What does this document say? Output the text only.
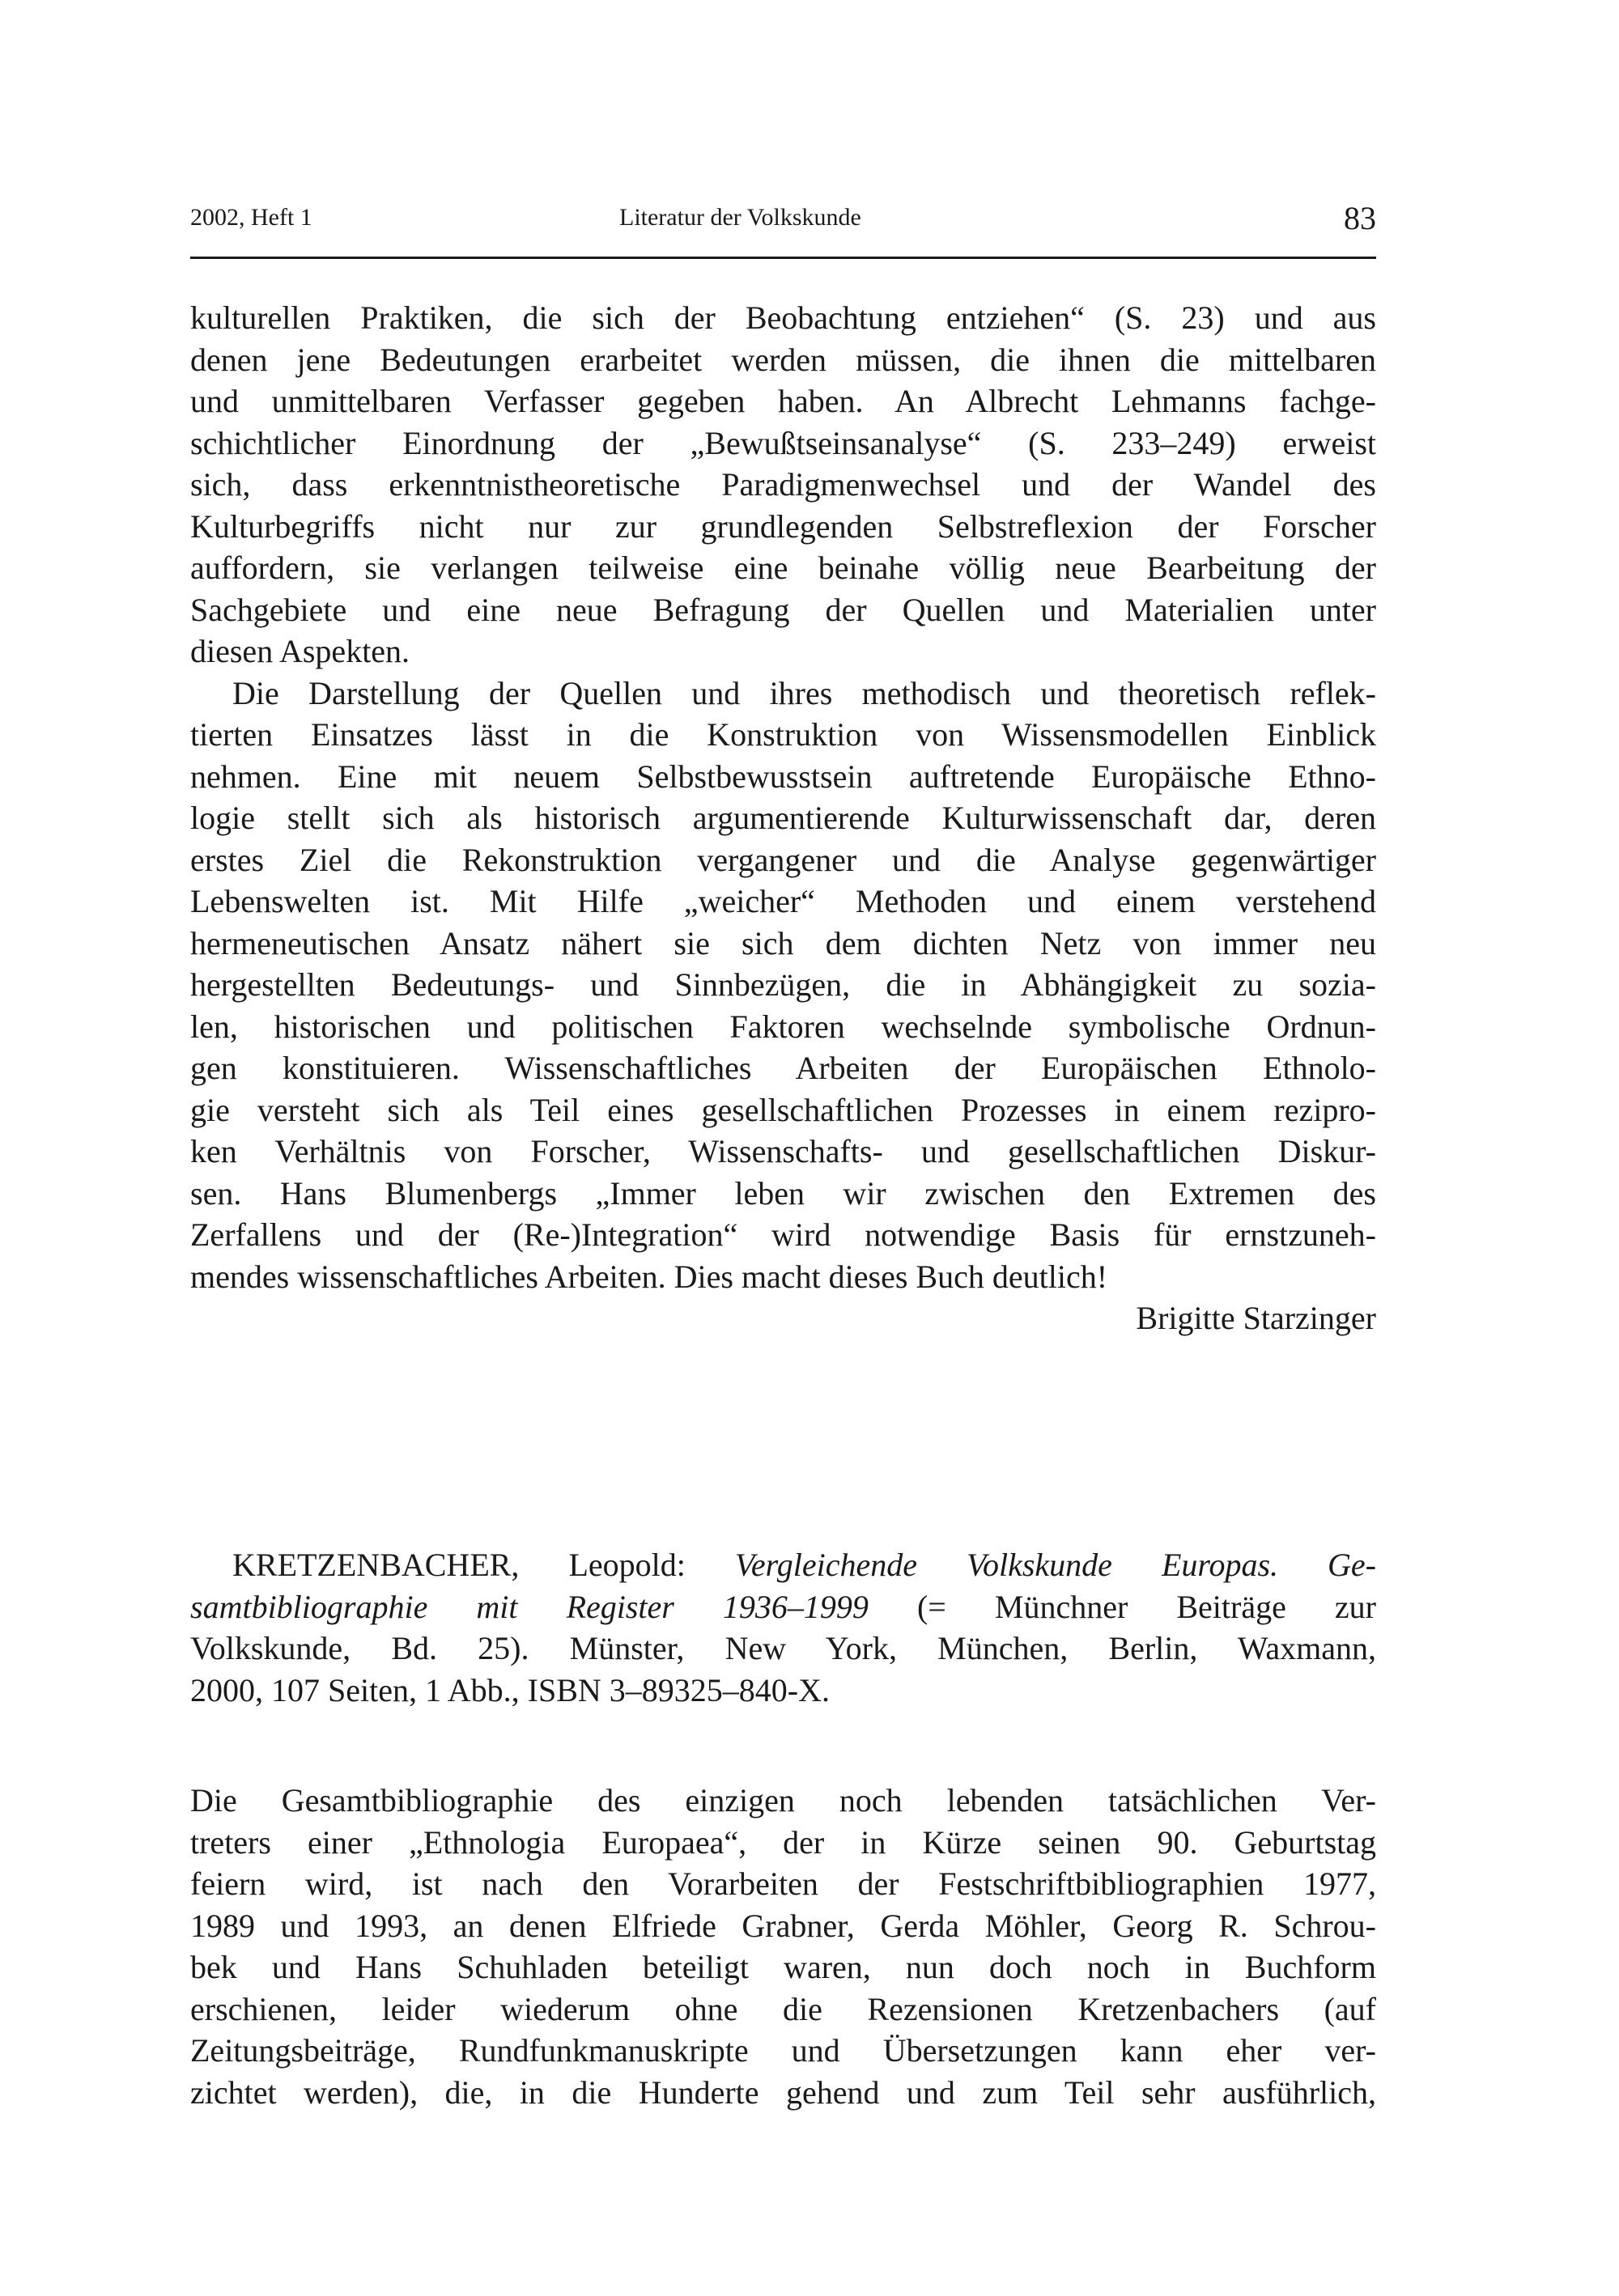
2002, Heft 1	Literatur der Volkskunde	83
kulturellen Praktiken, die sich der Beobachtung entziehen“ (S. 23) und aus
denen jene Bedeutungen erarbeitet werden müssen, die ihnen die mittelbaren
und unmittelbaren Verfasser gegeben haben. An Albrecht Lehmanns fachge-
schichtlicher Einordnung der „Bewußtseinsanalyse“ (S. 233–249) erweist
sich, dass erkenntnistheoretische Paradigmenwechsel und der Wandel des
Kulturbegriffs nicht nur zur grundlegenden Selbstreflexion der Forscher
auffordern, sie verlangen teilweise eine beinahe völlig neue Bearbeitung der
Sachgebiete und eine neue Befragung der Quellen und Materialien unter
diesen Aspekten.
Die Darstellung der Quellen und ihres methodisch und theoretisch reflek-
tierten Einsatzes lässt in die Konstruktion von Wissensmodellen Einblick
nehmen. Eine mit neuem Selbstbewusstsein auftretende Europäische Ethno-
logie stellt sich als historisch argumentierende Kulturwissenschaft dar, deren
erstes Ziel die Rekonstruktion vergangener und die Analyse gegenwärtiger
Lebenswelten ist. Mit Hilfe „weicher“ Methoden und einem verstehend
hermeneutischen Ansatz nähert sie sich dem dichten Netz von immer neu
hergestellten Bedeutungs- und Sinnbezügen, die in Abhängigkeit zu sozia-
len, historischen und politischen Faktoren wechselnde symbolische Ordnun-
gen konstituieren. Wissenschaftliches Arbeiten der Europäischen Ethnolo-
gie versteht sich als Teil eines gesellschaftlichen Prozesses in einem rezipro-
ken Verhältnis von Forscher, Wissenschafts- und gesellschaftlichen Diskur-
sen. Hans Blumenbergs „Immer leben wir zwischen den Extremen des
Zerfallens und der (Re-)Integration“ wird notwendige Basis für ernstzuneh-
mendes wissenschaftliches Arbeiten. Dies macht dieses Buch deutlich!
Brigitte Starzinger
KRETZENBACHER, Leopold: Vergleichende Volkskunde Europas. Ge-
samtbibliographie mit Register 1936–1999 (= Münchner Beiträge zur
Volkskunde, Bd. 25). Münster, New York, München, Berlin, Waxmann,
2000, 107 Seiten, 1 Abb., ISBN 3–89325–840-X.
Die Gesamtbibliographie des einzigen noch lebenden tatsächlichen Ver-
treters einer „Ethnologia Europaea“, der in Kürze seinen 90. Geburtstag
feiern wird, ist nach den Vorarbeiten der Festschriftbibliographien 1977,
1989 und 1993, an denen Elfriede Grabner, Gerda Möhler, Georg R. Schrou-
bek und Hans Schuhladen beteiligt waren, nun doch noch in Buchform
erschienen, leider wiederum ohne die Rezensionen Kretzenbachers (auf
Zeitungsbeiträge, Rundfunkmanuskripte und Übersetzungen kann eher ver-
zichtet werden), die, in die Hunderte gehend und zum Teil sehr ausführlich,
